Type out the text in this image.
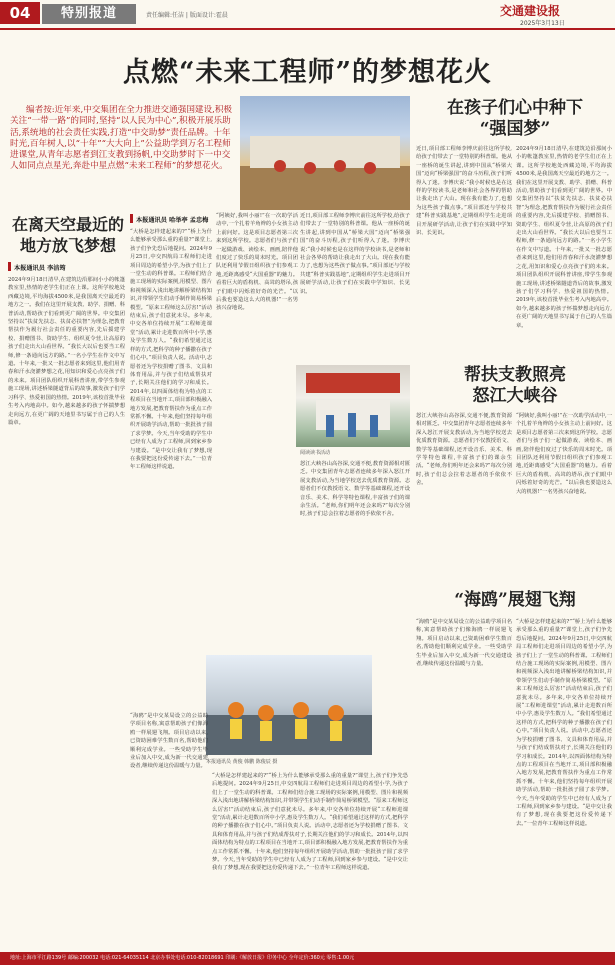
04	特别报道	责任编辑:任洁 | 版面设计:霍晨	交通建设报
2025年3月13日
点燃“未来工程师”的梦想花火
编者按:近年来,中交集团在全力推进交通强国建设,积极关注“一带一路”的同时,坚持“以人民为中心”,积极开展乐助活,系统地的社会责任实践,打造“中交助梦”责任品牌。十年时光,百年树人,以“十年”“大大向上”公益助学到万名工程师进课堂,从青年志愿者到江支教到扬帆,中交助梦时下一中交人如同点点星光,奔赴中星点燃“未来工程师”的梦想花火。
在离天空最近的
地方放飞梦想
本报通讯员 李洁筠
2024年9月18日清早,在建筑边沿那间小小的帐篷教室里,热情的老学生们正在上课。这所学校地处西藏边境,平均海拔4500米,是我国离天空最近的地方之一。我们在这里开展支教、助学、捐赠、科普活动,帮助孩子们看到更广阔的世界。中交集团坚持以“扶贫先扶志、扶贫必扶智”为理念,把教育帮扶作为履行社会责任的重要内容,先后援建学校、捐赠图书、资助学生、组织夏令营,让高原的孩子们走出大山看世界。“我长大以后也要当工程师,修一条通向远方的路。”一名小学生在作文中写道。十年来,一批又一批志愿者来到这里,他们用青春和汗水浇灌梦想之花,用知识和爱心点亮孩子们的未来。项目团队组织开展科普讲座,带学生参观施工现场,讲述桥梁隧道背后的故事,激发孩子们学习科学、热爱祖国的热情。2019年,该校首批毕业生考入内地高中。如今,越来越多的孩子怀揣梦想走向远方,在更广阔的天地里书写属于自己的人生篇章。
本报通讯员 哈举亭 孟忠梅
“大桥是怎样建起来的?”“桥上为什么能够承受那么重的重量?”课堂上,孩子们争先恐后地提问。2024年9月25日,中交四航局工程师们走进项目周边的希望小学,为孩子们上了一堂生动的科普课。工程师们结合施工现场的实际案例,用模型、图片和视频深入浅出地讲解桥梁结构知识,并带领学生们动手制作简易桥梁模型。“原来工程师这么厉害!”活动结束后,孩子们意犹未尽。多年来,中交各单位持续开展“工程师进课堂”活动,累计走进数百所中小学,惠及学生数万人。“我们希望通过这样的方式,把科学的种子播撒在孩子们心中。”项目负责人说。活动中,志愿者还为学校捐赠了图书、文具和体育用品,并与孩子们结成帮扶对子,长期关注他们的学习和成长。2014年,以四面体结构为特点的工程项目在当地开工,项目部积极融入地方发展,把教育帮扶作为重点工作常抓不懈。十年来,他们坚持每年组织开展助学活动,帮助一批批孩子圆了求学梦。今天,当年受助的学生中已经有人成为了工程师,回到家乡参与建设。“是中交让我有了梦想,现在我要把这份爱传递下去。”一位青年工程师这样说道。
“阿姨好,我叫小丽!”在一次助学活动中,一个扎着羊角辫的小女孩主动上前问好。这是项目志愿者第三次来到这所学校。志愿者们与孩子们一起做游戏、读绘本、画画,陪伴他们度过了快乐的周末时光。项目团队还利用节假日组织孩子们参观工地,近距离感受“大国重器”的魅力。看着巨大的盾构机、高耸的塔吊,孩子们眼中闪烁着好奇的光芒。“以后我也要造这么大的机器!”一名男孩兴奋地说。
阅读读书活动
近日,项目部工程师李博庆前往这所学校,给孩子们带去了一堂特别的科普课。他从一座桥的诞生讲起,讲到中国从“桥梁大国”迈向“桥梁强国”的奋斗历程,孩子们听得入了迷。李博庆说:“我小时候也是在这样的学校读书,是老师和社会各界的帮助让我走出了大山。现在我有能力了,也想为这些孩子做点事。”项目部还与学校共建“科普实践基地”,定期组织学生走进项目开展研学活动,让孩子们在实践中学知识、长见识。
怒江大峡谷山高谷深,交通不便,教育资源相对匮乏。中交集团青年志愿者连续多年深入怒江开展支教活动,为当地学校送去优质教育资源。志愿者们不仅教授语文、数学等基础课程,还开设音乐、美术、科学等特色课程,丰富孩子们的课余生活。“老师,你们明年还会来吗?”每次分别时,孩子们总会拉着志愿者的手依依不舍。
本报通讯员 黄俊 韩鹏 陈俊辰 摄
“海鸥”是中交某局设立的公益助学项目名称,寓意帮助孩子们像海鸥一样展翅飞翔。项目启动以来,已资助困难学生数百名,帮助他们顺利完成学业。一些受助学生毕业后加入中交,成为新一代交通建设者,继续传递这份温暖与力量。
“大桥是怎样建起来的?”“桥上为什么能够承受那么重的重量?”课堂上,孩子们争先恐后地提问。2024年9月25日,中交四航局工程师们走进项目周边的希望小学,为孩子们上了一堂生动的科普课。工程师们结合施工现场的实际案例,用模型、图片和视频深入浅出地讲解桥梁结构知识,并带领学生们动手制作简易桥梁模型。“原来工程师这么厉害!”活动结束后,孩子们意犹未尽。多年来,中交各单位持续开展“工程师进课堂”活动,累计走进数百所中小学,惠及学生数万人。“我们希望通过这样的方式,把科学的种子播撒在孩子们心中。”项目负责人说。活动中,志愿者还为学校捐赠了图书、文具和体育用品,并与孩子们结成帮扶对子,长期关注他们的学习和成长。2014年,以四面体结构为特点的工程项目在当地开工,项目部积极融入地方发展,把教育帮扶作为重点工作常抓不懈。十年来,他们坚持每年组织开展助学活动,帮助一批批孩子圆了求学梦。今天,当年受助的学生中已经有人成为了工程师,回到家乡参与建设。“是中交让我有了梦想,现在我要把这份爱传递下去。”一位青年工程师这样说道。
在孩子们心中种下
“强国梦”
近日,项目部工程师李博庆前往这所学校,给孩子们带去了一堂特别的科普课。他从一座桥的诞生讲起,讲到中国从“桥梁大国”迈向“桥梁强国”的奋斗历程,孩子们听得入了迷。李博庆说:“我小时候也是在这样的学校读书,是老师和社会各界的帮助让我走出了大山。现在我有能力了,也想为这些孩子做点事。”项目部还与学校共建“科普实践基地”,定期组织学生走进项目开展研学活动,让孩子们在实践中学知识、长见识。
2024年9月18日清早,在建筑边沿那间小小的帐篷教室里,热情的老学生们正在上课。这所学校地处西藏边境,平均海拔4500米,是我国离天空最近的地方之一。我们在这里开展支教、助学、捐赠、科普活动,帮助孩子们看到更广阔的世界。中交集团坚持以“扶贫先扶志、扶贫必扶智”为理念,把教育帮扶作为履行社会责任的重要内容,先后援建学校、捐赠图书、资助学生、组织夏令营,让高原的孩子们走出大山看世界。“我长大以后也要当工程师,修一条通向远方的路。”一名小学生在作文中写道。十年来,一批又一批志愿者来到这里,他们用青春和汗水浇灌梦想之花,用知识和爱心点亮孩子们的未来。项目团队组织开展科普讲座,带学生参观施工现场,讲述桥梁隧道背后的故事,激发孩子们学习科学、热爱祖国的热情。2019年,该校首批毕业生考入内地高中。如今,越来越多的孩子怀揣梦想走向远方,在更广阔的天地里书写属于自己的人生篇章。
帮扶支教照亮
怒江大峡谷
怒江大峡谷山高谷深,交通不便,教育资源相对匮乏。中交集团青年志愿者连续多年深入怒江开展支教活动,为当地学校送去优质教育资源。志愿者们不仅教授语文、数学等基础课程,还开设音乐、美术、科学等特色课程,丰富孩子们的课余生活。“老师,你们明年还会来吗?”每次分别时,孩子们总会拉着志愿者的手依依不舍。
“阿姨好,我叫小丽!”在一次助学活动中,一个扎着羊角辫的小女孩主动上前问好。这是项目志愿者第三次来到这所学校。志愿者们与孩子们一起做游戏、读绘本、画画,陪伴他们度过了快乐的周末时光。项目团队还利用节假日组织孩子们参观工地,近距离感受“大国重器”的魅力。看着巨大的盾构机、高耸的塔吊,孩子们眼中闪烁着好奇的光芒。“以后我也要造这么大的机器!”一名男孩兴奋地说。
“海鸥”展翅飞翔
“海鸥”是中交某局设立的公益助学项目名称,寓意帮助孩子们像海鸥一样展翅飞翔。项目启动以来,已资助困难学生数百名,帮助他们顺利完成学业。一些受助学生毕业后加入中交,成为新一代交通建设者,继续传递这份温暖与力量。
“大桥是怎样建起来的?”“桥上为什么能够承受那么重的重量?”课堂上,孩子们争先恐后地提问。2024年9月25日,中交四航局工程师们走进项目周边的希望小学,为孩子们上了一堂生动的科普课。工程师们结合施工现场的实际案例,用模型、图片和视频深入浅出地讲解桥梁结构知识,并带领学生们动手制作简易桥梁模型。“原来工程师这么厉害!”活动结束后,孩子们意犹未尽。多年来,中交各单位持续开展“工程师进课堂”活动,累计走进数百所中小学,惠及学生数万人。“我们希望通过这样的方式,把科学的种子播撒在孩子们心中。”项目负责人说。活动中,志愿者还为学校捐赠了图书、文具和体育用品,并与孩子们结成帮扶对子,长期关注他们的学习和成长。2014年,以四面体结构为特点的工程项目在当地开工,项目部积极融入地方发展,把教育帮扶作为重点工作常抓不懈。十年来,他们坚持每年组织开展助学活动,帮助一批批孩子圆了求学梦。今天,当年受助的学生中已经有人成为了工程师,回到家乡参与建设。“是中交让我有了梦想,现在我要把这份爱传递下去。”一位青年工程师这样说道。
地址:上海市平江路139号 邮编:200032 电话:021-64035114 北京办事处电话:010-82018691 印刷:《解放日报》印务中心 全年定价:360元 零售:1.00元
